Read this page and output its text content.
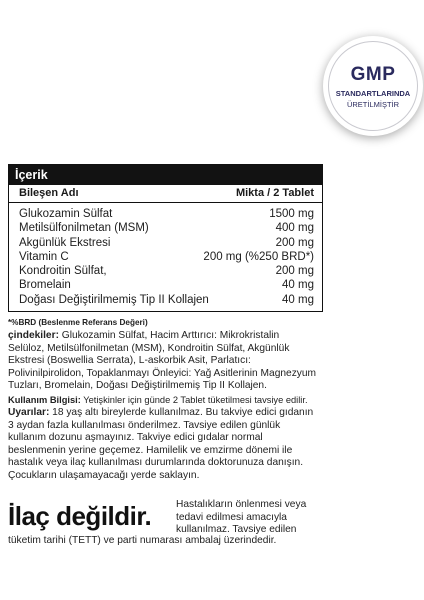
GMP
STANDARTLARINDA
ÜRETİLMİŞTİR
İçerik
Bileşen Adı	Mikta / 2 Tablet
Glukozamin Sülfat	1500 mg
Metilsülfonilmetan (MSM)	400 mg
Akgünlük Ekstresi	200 mg
Vitamin C	200 mg (%250 BRD*)
Kondroitin Sülfat,	200 mg
Bromelain	40 mg
Doğası Değiştirilmemiş Tip II Kollajen	40 mg
*%BRD (Beslenme Referans Değeri)
çindekiler: Glukozamin Sülfat, Hacim Arttırıcı: Mikrokristalin Selüloz, Metilsülfonilmetan (MSM), Kondroitin Sülfat, Akgünlük Ekstresi (Boswellia Serrata), L-askorbik Asit, Parlatıcı: Polivinilpirolidon, Topaklanmayı Önleyici: Yağ Asitlerinin Magnezyum Tuzları, Bromelain, Doğası Değiştirilmemiş Tip II Kollajen.
Kullanım Bilgisi: Yetişkinler için günde 2 Tablet tüketilmesi tavsiye edilir.
Uyarılar: 18 yaş altı bireylerde kullanılmaz. Bu takviye edici gıdanın 3 aydan fazla kullanılması önderilmez. Tavsiye edilen günlük kullanım dozunu aşmayınız. Takviye edici gıdalar normal beslenmenin yerine geçemez. Hamilelik ve emzirme dönemi ile hastalık veya ilaç kullanılması durumlarında doktorunuza danışın. Çocukların ulaşamayacağı yerde saklayın.
İlaç değildir. Hastalıkların önlenmesi veya tedavi edilmesi amacıyla kullanılmaz. Tavsiye edilen
tüketim tarihi (TETT) ve parti numarası ambalaj üzerindedir.
